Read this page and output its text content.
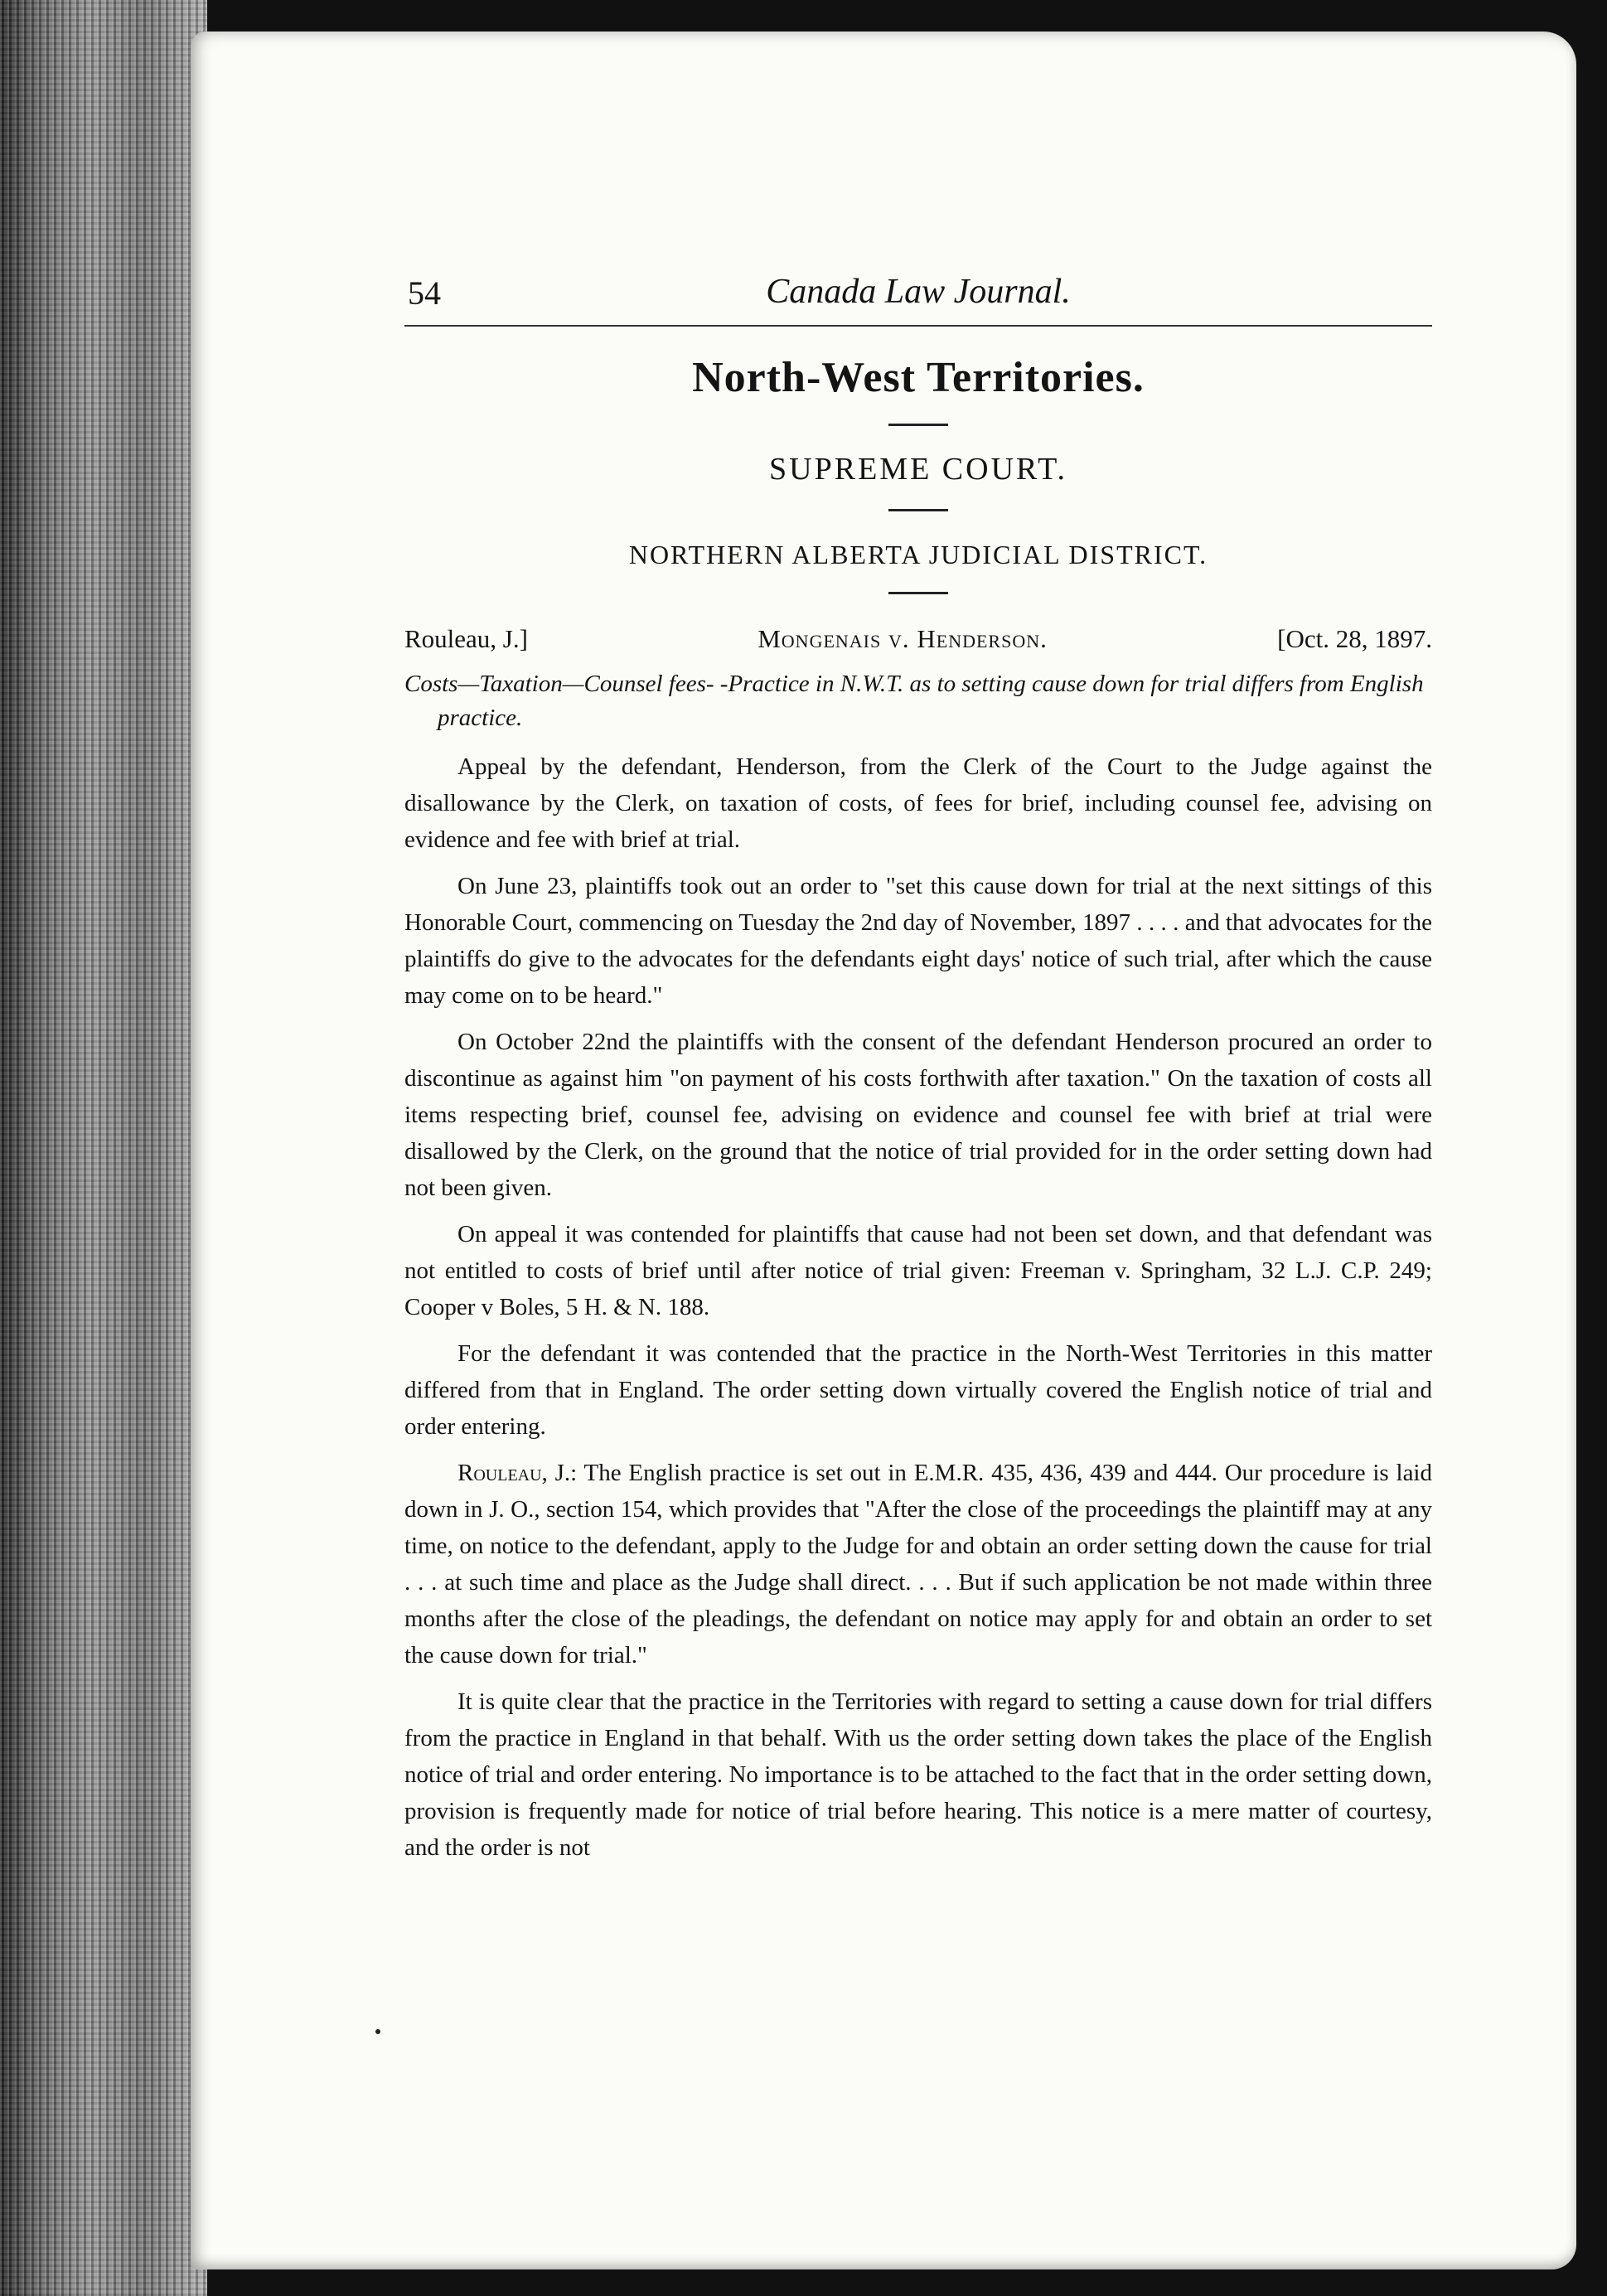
54	Canada Law Journal.
North-West Territories.
SUPREME COURT.
NORTHERN ALBERTA JUDICIAL DISTRICT.
Rouleau, J.]	Mongenais v. Henderson.	[Oct. 28, 1897.
Costs—Taxation—Counsel fees- -Practice in N.W.T. as to setting cause down for trial differs from English practice.

Appeal by the defendant, Henderson, from the Clerk of the Court to the Judge against the disallowance by the Clerk, on taxation of costs, of fees for brief, including counsel fee, advising on evidence and fee with brief at trial.

On June 23, plaintiffs took out an order to "set this cause down for trial at the next sittings of this Honorable Court, commencing on Tuesday the 2nd day of November, 1897 . . . . and that advocates for the plaintiffs do give to the advocates for the defendants eight days' notice of such trial, after which the cause may come on to be heard."

On October 22nd the plaintiffs with the consent of the defendant Henderson procured an order to discontinue as against him "on payment of his costs forthwith after taxation." On the taxation of costs all items respecting brief, counsel fee, advising on evidence and counsel fee with brief at trial were disallowed by the Clerk, on the ground that the notice of trial provided for in the order setting down had not been given.

On appeal it was contended for plaintiffs that cause had not been set down, and that defendant was not entitled to costs of brief until after notice of trial given: Freeman v. Springham, 32 L.J. C.P. 249; Cooper v Boles, 5 H. & N. 188.

For the defendant it was contended that the practice in the North-West Territories in this matter differed from that in England. The order setting down virtually covered the English notice of trial and order entering.

Rouleau, J.: The English practice is set out in E.M.R. 435, 436, 439 and 444. Our procedure is laid down in J. O., section 154, which provides that "After the close of the proceedings the plaintiff may at any time, on notice to the defendant, apply to the Judge for and obtain an order setting down the cause for trial . . . at such time and place as the Judge shall direct. . . . But if such application be not made within three months after the close of the pleadings, the defendant on notice may apply for and obtain an order to set the cause down for trial."

It is quite clear that the practice in the Territories with regard to setting a cause down for trial differs from the practice in England in that behalf. With us the order setting down takes the place of the English notice of trial and order entering. No importance is to be attached to the fact that in the order setting down, provision is frequently made for notice of trial before hearing. This notice is a mere matter of courtesy, and the order is not
